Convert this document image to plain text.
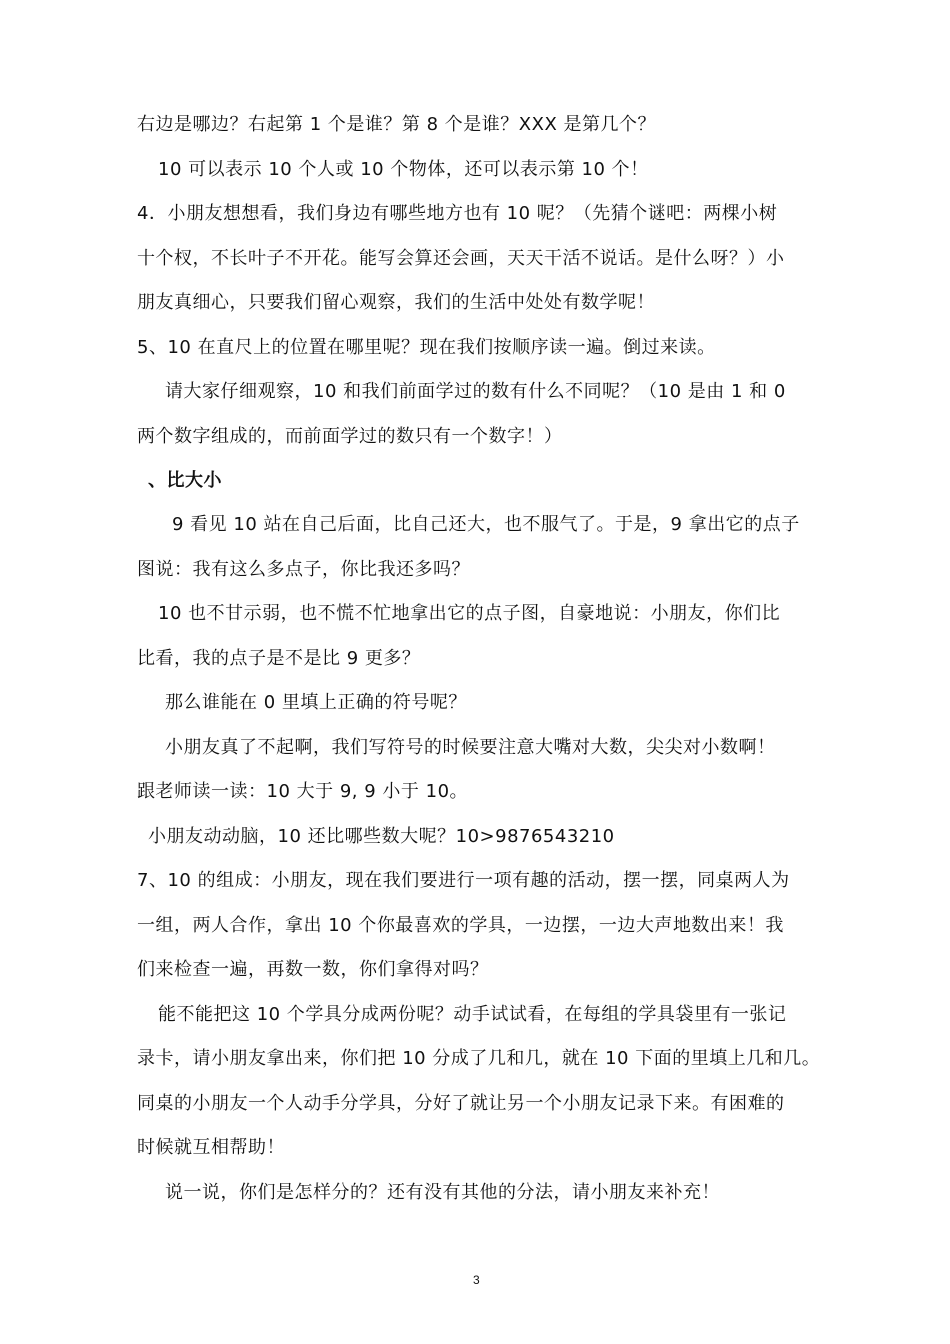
右边是哪边？右起第 1 个是谁？第 8 个是谁？XXX 是第几个？
10 可以表示 10 个人或 10 个物体，还可以表示第 10 个！
4．小朋友想想看，我们身边有哪些地方也有 10 呢？（先猜个谜吧：两棵小树
十个杈，不长叶子不开花。能写会算还会画，天天干活不说话。是什么呀？）小
朋友真细心，只要我们留心观察，我们的生活中处处有数学呢！
5、10 在直尺上的位置在哪里呢？现在我们按顺序读一遍。倒过来读。
请大家仔细观察，10 和我们前面学过的数有什么不同呢？（10 是由 1 和 0
两个数字组成的，而前面学过的数只有一个数字！）
、比大小
9 看见 10 站在自己后面，比自己还大，也不服气了。于是，9 拿出它的点子
图说：我有这么多点子，你比我还多吗？
10 也不甘示弱，也不慌不忙地拿出它的点子图，自豪地说：小朋友，你们比
比看，我的点子是不是比 9 更多？
那么谁能在 0 里填上正确的符号呢？
小朋友真了不起啊，我们写符号的时候要注意大嘴对大数，尖尖对小数啊！
跟老师读一读：10 大于 9, 9 小于 10。
小朋友动动脑，10 还比哪些数大呢？10>9876543210
7、10 的组成：小朋友，现在我们要进行一项有趣的活动，摆一摆，同桌两人为
一组，两人合作，拿出 10 个你最喜欢的学具，一边摆，一边大声地数出来！我
们来检查一遍，再数一数，你们拿得对吗？
能不能把这 10 个学具分成两份呢？动手试试看，在每组的学具袋里有一张记
录卡，请小朋友拿出来，你们把 10 分成了几和几，就在 10 下面的里填上几和几。
同桌的小朋友一个人动手分学具，分好了就让另一个小朋友记录下来。有困难的
时候就互相帮助！
说一说，你们是怎样分的？还有没有其他的分法，请小朋友来补充！
3
